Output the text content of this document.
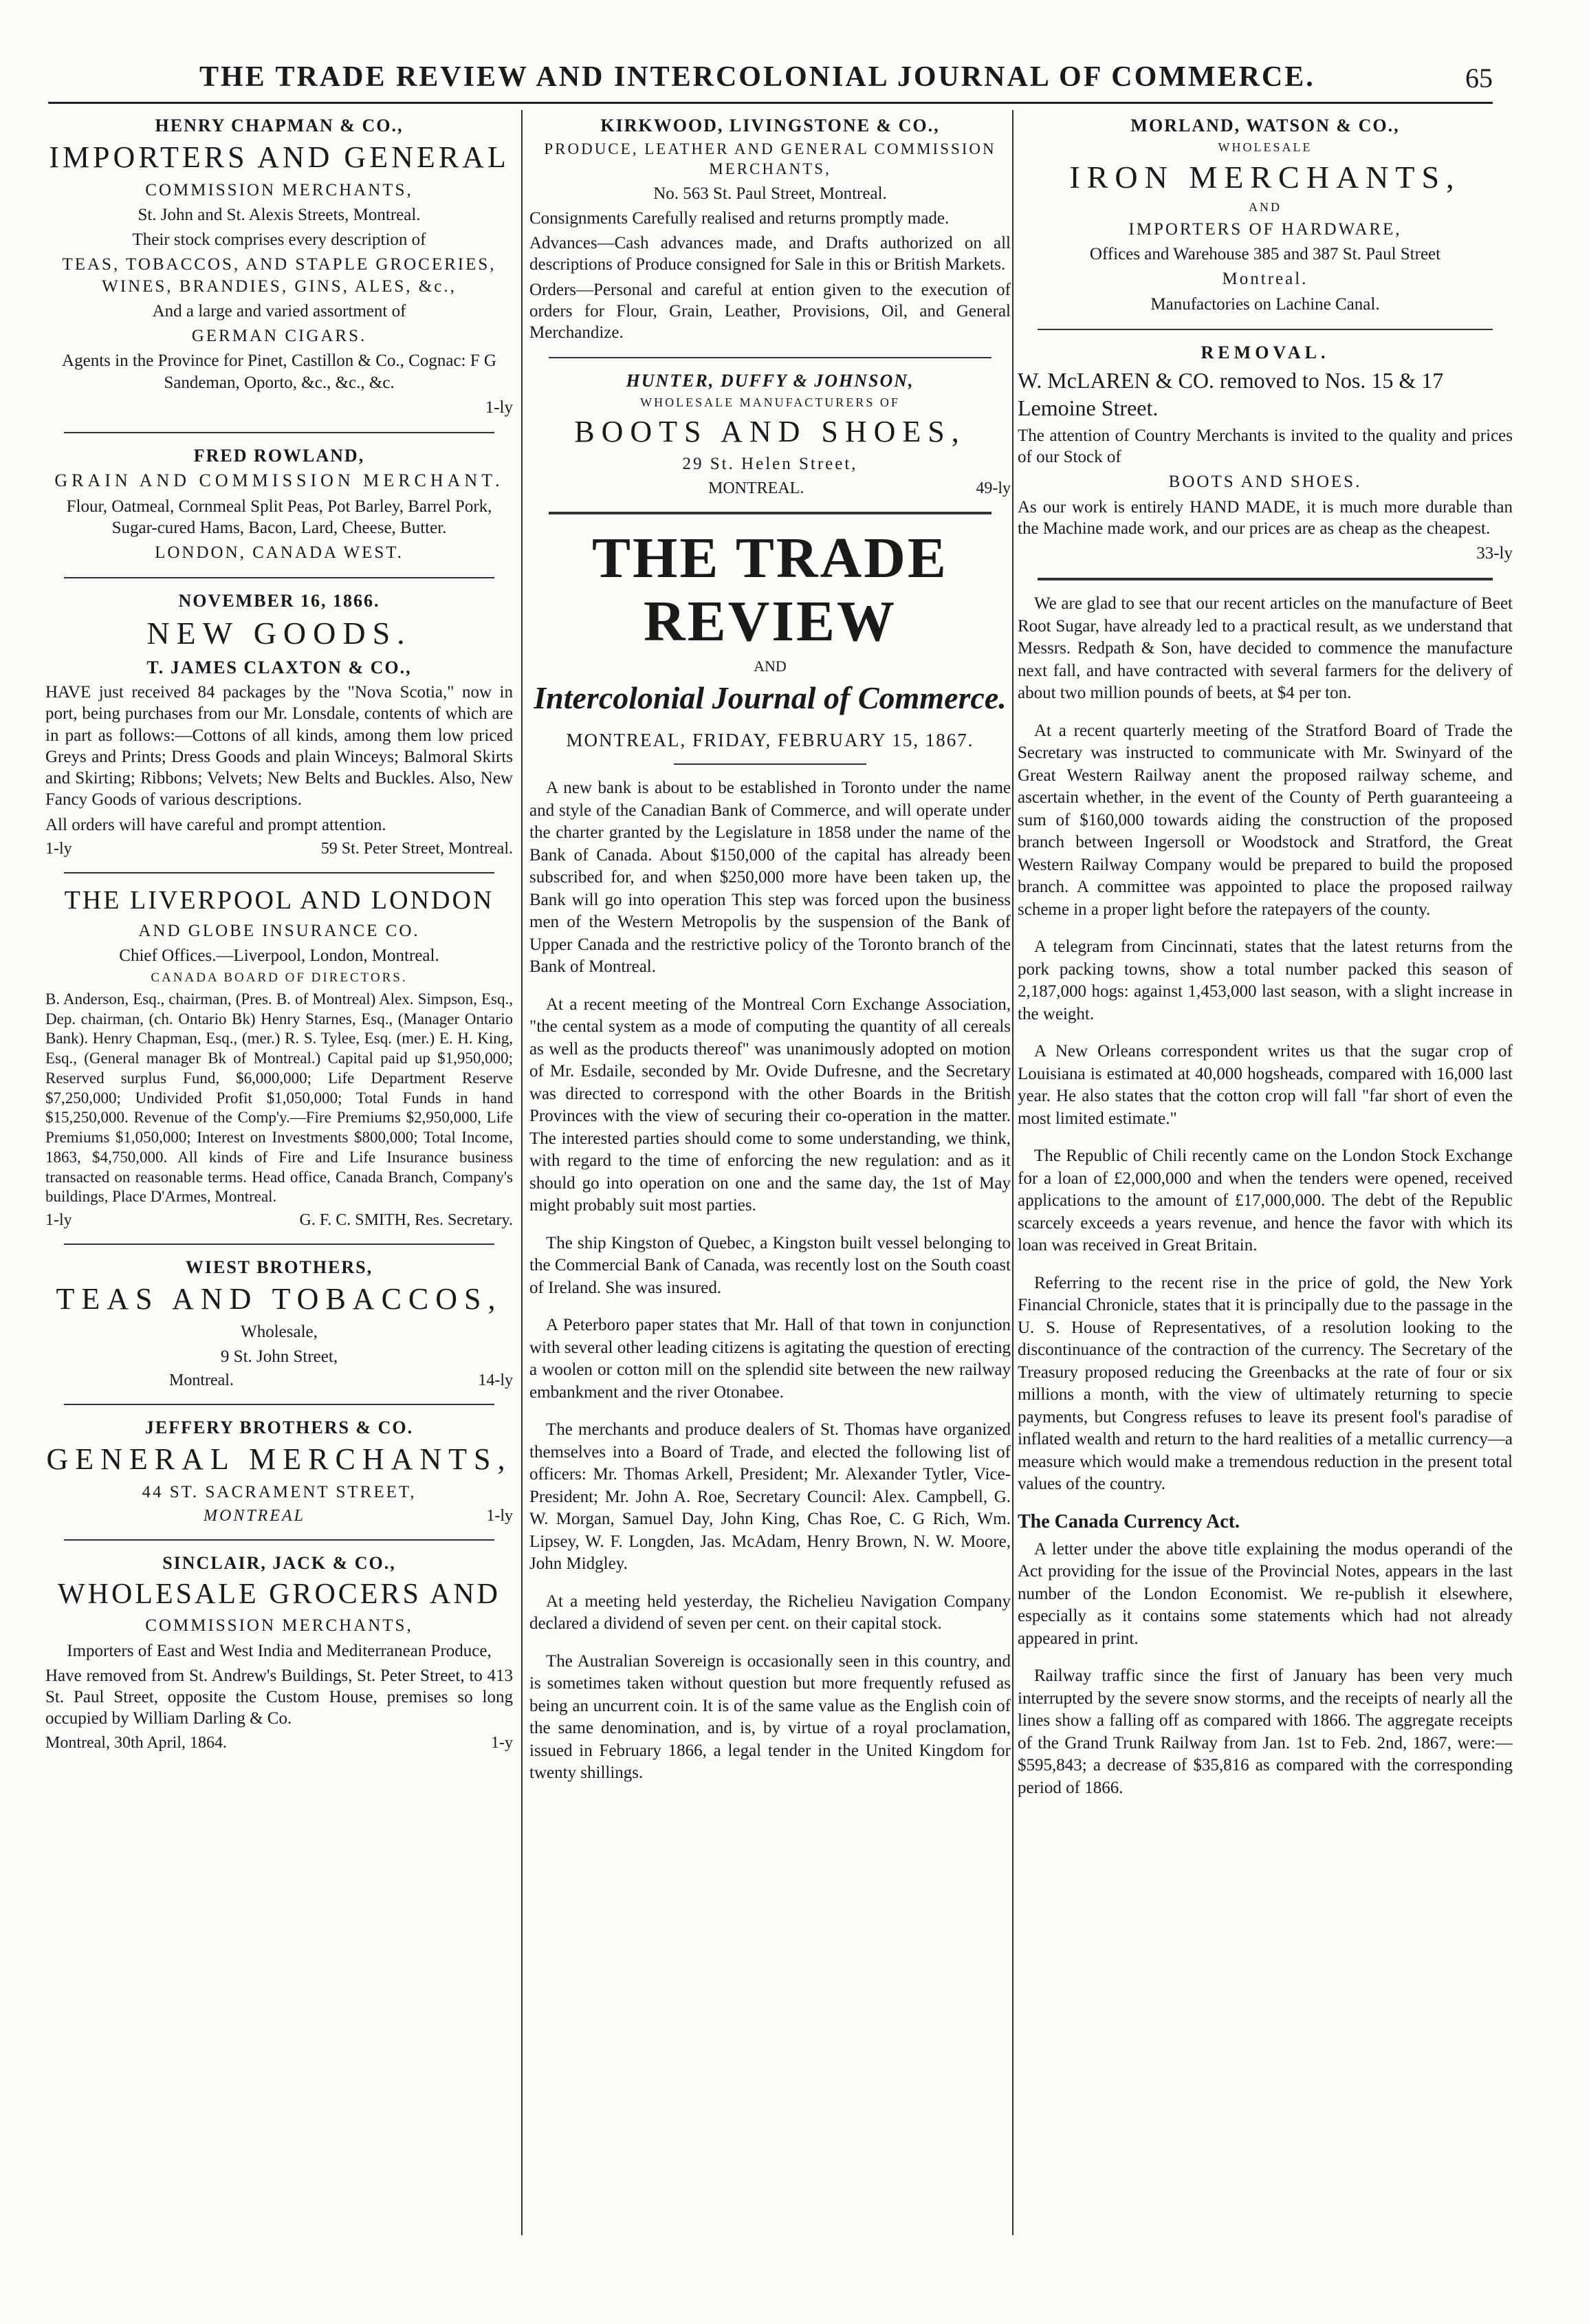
THE TRADE REVIEW AND INTERCOLONIAL JOURNAL OF COMMERCE.	65
HENRY CHAPMAN & CO.,
IMPORTERS AND GENERAL

COMMISSION MERCHANTS,

St. John and St. Alexis Streets, Montreal.

Their stock comprises every description of

TEAS, TOBACCOS, AND STAPLE GROCERIES, WINES, BRANDIES, GINS, ALES, &c.,

And a large and varied assortment of

GERMAN CIGARS.

Agents in the Province for Pinet, Castillon & Co., Cognac: F G Sandeman, Oporto, &c., &c., &c.

1-ly

FRED ROWLAND,

GRAIN AND COMMISSION MERCHANT.

Flour, Oatmeal, Cornmeal Split Peas, Pot Barley, Barrel Pork, Sugar-cured Hams, Bacon, Lard, Cheese, Butter.

LONDON, CANADA WEST.

NOVEMBER 16, 1866.
NEW GOODS.
T. JAMES CLAXTON & CO.,

HAVE just received 84 packages by the "Nova Scotia," now in port, being purchases from our Mr. Lonsdale, contents of which are in part as follows:—Cottons of all kinds, among them low priced Greys and Prints; Dress Goods and plain Winceys; Balmoral Skirts and Skirting; Ribbons; Velvets; New Belts and Buckles. Also, New Fancy Goods of various descriptions.

All orders will have careful and prompt attention.

1-ly	59 St. Peter Street, Montreal.
THE LIVERPOOL AND LONDON

AND GLOBE INSURANCE CO.

Chief Offices.—Liverpool, London, Montreal.

CANADA BOARD OF DIRECTORS.

B. Anderson, Esq., chairman, (Pres. B. of Montreal) Alex. Simpson, Esq., Dep. chairman, (ch. Ontario Bk) Henry Starnes, Esq., (Manager Ontario Bank). Henry Chapman, Esq., (mer.) R. S. Tylee, Esq. (mer.) E. H. King, Esq., (General manager Bk of Montreal.) Capital paid up $1,950,000; Reserved surplus Fund, $6,000,000; Life Department Reserve $7,250,000; Undivided Profit $1,050,000; Total Funds in hand $15,250,000. Revenue of the Comp'y.—Fire Premiums $2,950,000, Life Premiums $1,050,000; Interest on Investments $800,000; Total Income, 1863, $4,750,000. All kinds of Fire and Life Insurance business transacted on reasonable terms. Head office, Canada Branch, Company's buildings, Place D'Armes, Montreal.

1-ly	G. F. C. SMITH, Res. Secretary.
WIEST BROTHERS,
TEAS AND TOBACCOS,

Wholesale,

9 St. John Street,

Montreal.	14-ly
JEFFERY BROTHERS & CO.
GENERAL MERCHANTS,

44 ST. SACRAMENT STREET,

MONTREAL	1-ly
SINCLAIR, JACK & CO.,
WHOLESALE GROCERS AND

COMMISSION MERCHANTS,

Importers of East and West India and Mediterranean Produce,

Have removed from St. Andrew's Buildings, St. Peter Street, to 413 St. Paul Street, opposite the Custom House, premises so long occupied by William Darling & Co.

Montreal, 30th April, 1864.	1-y
KIRKWOOD, LIVINGSTONE & CO.,

PRODUCE, LEATHER AND GENERAL COMMISSION MERCHANTS,

No. 563 St. Paul Street, Montreal.

Consignments Carefully realised and returns promptly made.

Advances—Cash advances made, and Drafts authorized on all descriptions of Produce consigned for Sale in this or British Markets.

Orders—Personal and careful at ention given to the execution of orders for Flour, Grain, Leather, Provisions, Oil, and General Merchandize.

HUNTER, DUFFY & JOHNSON,

WHOLESALE MANUFACTURERS OF

BOOTS AND SHOES,

29 St. Helen Street,

MONTREAL.	49-ly
THE TRADE REVIEW
AND
Intercolonial Journal of Commerce.
MONTREAL, FRIDAY, FEBRUARY 15, 1867.

A new bank is about to be established in Toronto under the name and style of the Canadian Bank of Commerce, and will operate under the charter granted by the Legislature in 1858 under the name of the Bank of Canada. About $150,000 of the capital has already been subscribed for, and when $250,000 more have been taken up, the Bank will go into operation This step was forced upon the business men of the Western Metropolis by the suspension of the Bank of Upper Canada and the restrictive policy of the Toronto branch of the Bank of Montreal.

At a recent meeting of the Montreal Corn Exchange Association, "the cental system as a mode of computing the quantity of all cereals as well as the products thereof" was unanimously adopted on motion of Mr. Esdaile, seconded by Mr. Ovide Dufresne, and the Secretary was directed to correspond with the other Boards in the British Provinces with the view of securing their co-operation in the matter. The interested parties should come to some understanding, we think, with regard to the time of enforcing the new regulation: and as it should go into operation on one and the same day, the 1st of May might probably suit most parties.

The ship Kingston of Quebec, a Kingston built vessel belonging to the Commercial Bank of Canada, was recently lost on the South coast of Ireland. She was insured.

A Peterboro paper states that Mr. Hall of that town in conjunction with several other leading citizens is agitating the question of erecting a woolen or cotton mill on the splendid site between the new railway embankment and the river Otonabee.

The merchants and produce dealers of St. Thomas have organized themselves into a Board of Trade, and elected the following list of officers: Mr. Thomas Arkell, President; Mr. Alexander Tytler, Vice-President; Mr. John A. Roe, Secretary Council: Alex. Campbell, G. W. Morgan, Samuel Day, John King, Chas Roe, C. G Rich, Wm. Lipsey, W. F. Longden, Jas. McAdam, Henry Brown, N. W. Moore, John Midgley.

At a meeting held yesterday, the Richelieu Navigation Company declared a dividend of seven per cent. on their capital stock.

The Australian Sovereign is occasionally seen in this country, and is sometimes taken without question but more frequently refused as being an uncurrent coin. It is of the same value as the English coin of the same denomination, and is, by virtue of a royal proclamation, issued in February 1866, a legal tender in the United Kingdom for twenty shillings.

MORLAND, WATSON & CO.,

WHOLESALE

IRON MERCHANTS,

AND

IMPORTERS OF HARDWARE,

Offices and Warehouse 385 and 387 St. Paul Street

Montreal.

Manufactories on Lachine Canal.

REMOVAL.

W. McLAREN & CO. removed to Nos. 15 & 17 Lemoine Street.

The attention of Country Merchants is invited to the quality and prices of our Stock of

BOOTS AND SHOES.

As our work is entirely HAND MADE, it is much more durable than the Machine made work, and our prices are as cheap as the cheapest.

33-ly

We are glad to see that our recent articles on the manufacture of Beet Root Sugar, have already led to a practical result, as we understand that Messrs. Redpath & Son, have decided to commence the manufacture next fall, and have contracted with several farmers for the delivery of about two million pounds of beets, at $4 per ton.

At a recent quarterly meeting of the Stratford Board of Trade the Secretary was instructed to communicate with Mr. Swinyard of the Great Western Railway anent the proposed railway scheme, and ascertain whether, in the event of the County of Perth guaranteeing a sum of $160,000 towards aiding the construction of the proposed branch between Ingersoll or Woodstock and Stratford, the Great Western Railway Company would be prepared to build the proposed branch. A committee was appointed to place the proposed railway scheme in a proper light before the ratepayers of the county.

A telegram from Cincinnati, states that the latest returns from the pork packing towns, show a total number packed this season of 2,187,000 hogs: against 1,453,000 last season, with a slight increase in the weight.

A New Orleans correspondent writes us that the sugar crop of Louisiana is estimated at 40,000 hogsheads, compared with 16,000 last year. He also states that the cotton crop will fall "far short of even the most limited estimate."

The Republic of Chili recently came on the London Stock Exchange for a loan of £2,000,000 and when the tenders were opened, received applications to the amount of £17,000,000. The debt of the Republic scarcely exceeds a years revenue, and hence the favor with which its loan was received in Great Britain.

Referring to the recent rise in the price of gold, the New York Financial Chronicle, states that it is principally due to the passage in the U. S. House of Representatives, of a resolution looking to the discontinuance of the contraction of the currency. The Secretary of the Treasury proposed reducing the Greenbacks at the rate of four or six millions a month, with the view of ultimately returning to specie payments, but Congress refuses to leave its present fool's paradise of inflated wealth and return to the hard realities of a metallic currency—a measure which would make a tremendous reduction in the present total values of the country.

The Canada Currency Act.

A letter under the above title explaining the modus operandi of the Act providing for the issue of the Provincial Notes, appears in the last number of the London Economist. We re-publish it elsewhere, especially as it contains some statements which had not already appeared in print.

Railway traffic since the first of January has been very much interrupted by the severe snow storms, and the receipts of nearly all the lines show a falling off as compared with 1866. The aggregate receipts of the Grand Trunk Railway from Jan. 1st to Feb. 2nd, 1867, were:—$595,843; a decrease of $35,816 as compared with the corresponding period of 1866.
